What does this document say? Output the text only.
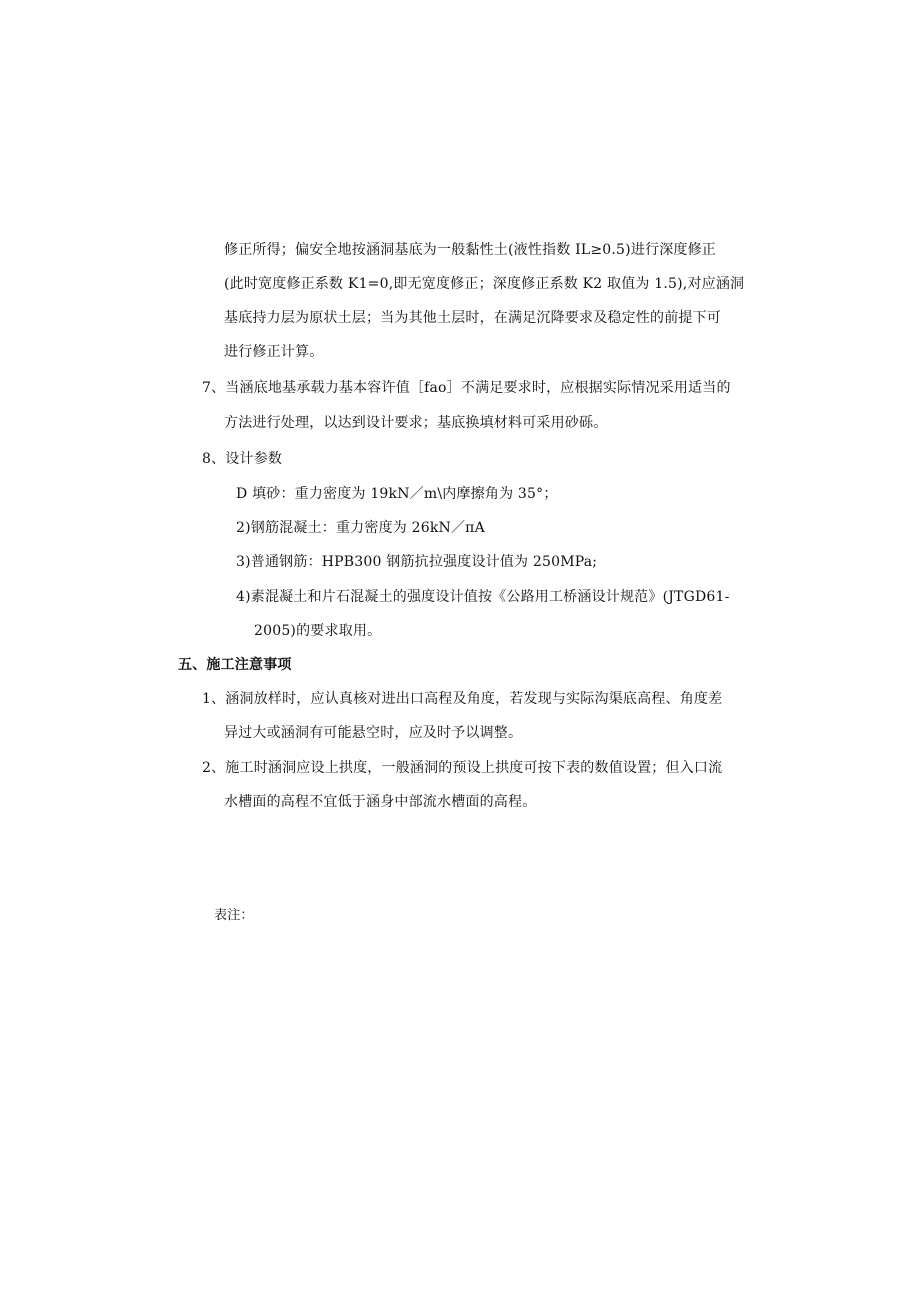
修正所得；偏安全地按涵洞基底为一般黏性土(液性指数 IL≥0.5)进行深度修正
(此时宽度修正系数 K1=0,即无宽度修正；深度修正系数 K2 取值为 1.5),对应涵洞
基底持力层为原状土层；当为其他土层时，在满足沉降要求及稳定性的前提下可
进行修正计算。
7、当涵底地基承载力基本容许值［fao］不满足要求时，应根据实际情况采用适当的
方法进行处理，以达到设计要求；基底换填材料可采用砂砾。
8、设计参数
D 填砂：重力密度为 19kN／m\内摩擦角为 35°；
2)钢筋混凝土：重力密度为 26kN／πA
3)普通钢筋：HPB300 钢筋抗拉强度设计值为 250MPa;
4)素混凝土和片石混凝土的强度设计值按《公路用工桥涵设计规范》(JTGD61-
2005)的要求取用。
五、施工注意事项
1、涵洞放样时，应认真核对进出口高程及角度，若发现与实际沟渠底高程、角度差
异过大或涵洞有可能悬空时，应及时予以调整。
2、施工时涵洞应设上拱度，一般涵洞的预设上拱度可按下表的数值设置；但入口流
水槽面的高程不宜低于涵身中部流水槽面的高程。
表注：
